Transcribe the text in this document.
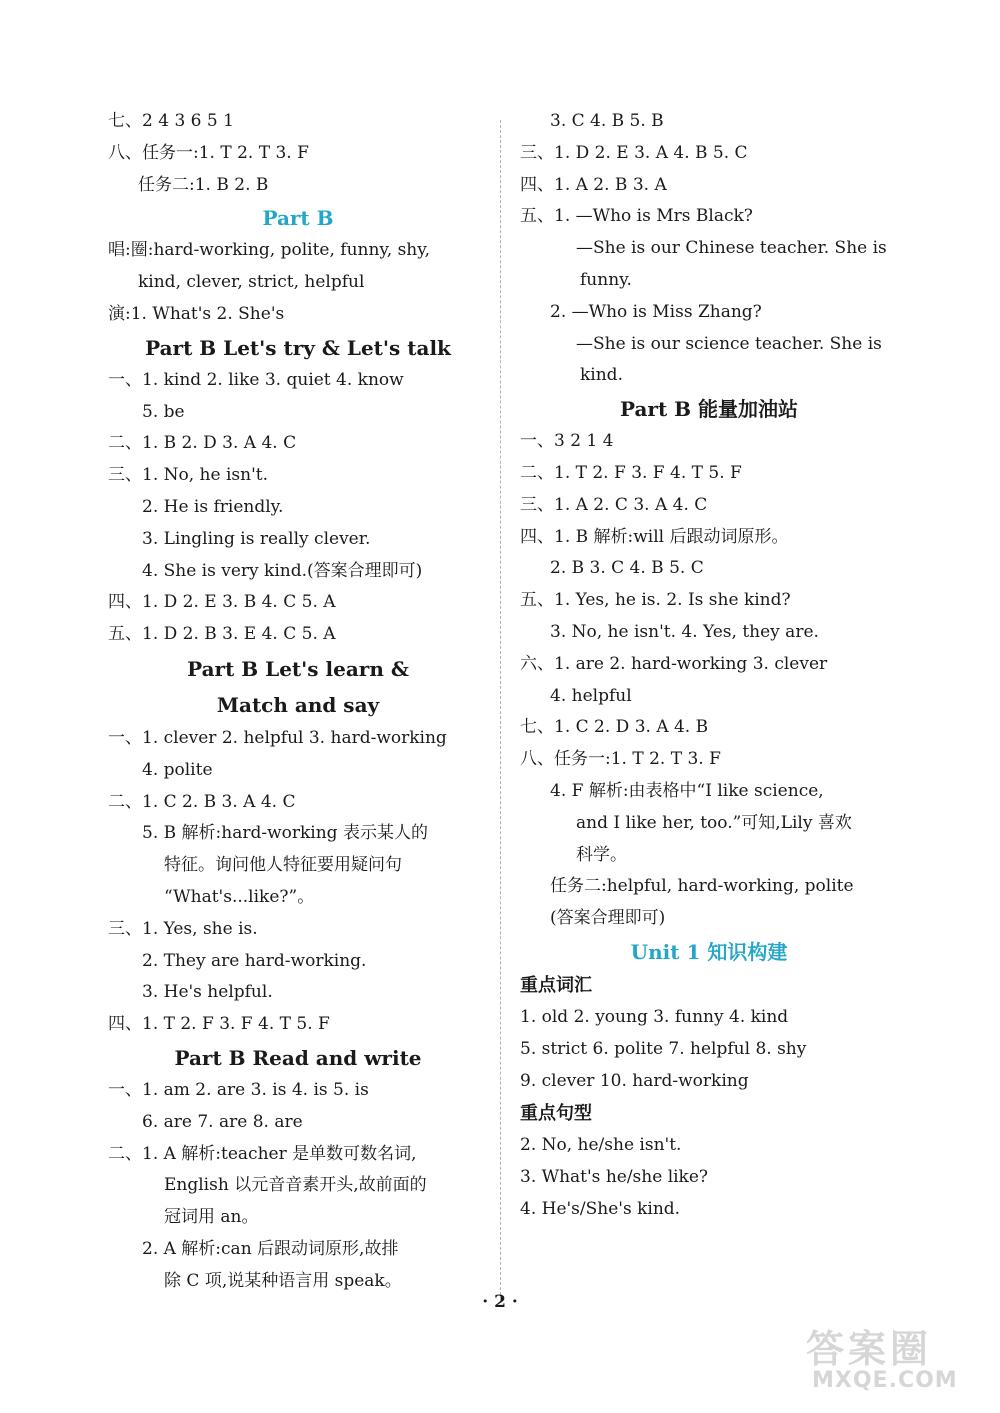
七、2 4 3 6 5 1
八、任务一:1. T 2. T 3. F
任务二:1. B 2. B
Part B
唱:圈:hard-working, polite, funny, shy,
kind, clever, strict, helpful
演:1. What's 2. She's
Part B Let's try & Let's talk
一、1. kind 2. like 3. quiet 4. know
5. be
二、1. B 2. D 3. A 4. C
三、1. No, he isn't.
2. He is friendly.
3. Lingling is really clever.
4. She is very kind.(答案合理即可)
四、1. D 2. E 3. B 4. C 5. A
五、1. D 2. B 3. E 4. C 5. A
Part B Let's learn &
Match and say
一、1. clever 2. helpful 3. hard-working
4. polite
二、1. C 2. B 3. A 4. C
5. B 解析:hard-working 表示某人的
特征。询问他人特征要用疑问句
“What's...like?”。
三、1. Yes, she is.
2. They are hard-working.
3. He's helpful.
四、1. T 2. F 3. F 4. T 5. F
Part B Read and write
一、1. am 2. are 3. is 4. is 5. is
6. are 7. are 8. are
二、1. A 解析:teacher 是单数可数名词,
English 以元音音素开头,故前面的
冠词用 an。
2. A 解析:can 后跟动词原形,故排
除 C 项,说某种语言用 speak。
3. C 4. B 5. B
三、1. D 2. E 3. A 4. B 5. C
四、1. A 2. B 3. A
五、1. —Who is Mrs Black?
—She is our Chinese teacher. She is
funny.
2. —Who is Miss Zhang?
—She is our science teacher. She is
kind.
Part B 能量加油站
一、3 2 1 4
二、1. T 2. F 3. F 4. T 5. F
三、1. A 2. C 3. A 4. C
四、1. B 解析:will 后跟动词原形。
2. B 3. C 4. B 5. C
五、1. Yes, he is. 2. Is she kind?
3. No, he isn't. 4. Yes, they are.
六、1. are 2. hard-working 3. clever
4. helpful
七、1. C 2. D 3. A 4. B
八、任务一:1. T 2. T 3. F
4. F 解析:由表格中“I like science,
and I like her, too.”可知,Lily 喜欢
科学。
任务二:helpful, hard-working, polite
(答案合理即可)
Unit 1 知识构建
重点词汇
1. old 2. young 3. funny 4. kind
5. strict 6. polite 7. helpful 8. shy
9. clever 10. hard-working
重点句型
2. No, he/she isn't.
3. What's he/she like?
4. He's/She's kind.
· 2 ·
答案圈
MXQE.COM
